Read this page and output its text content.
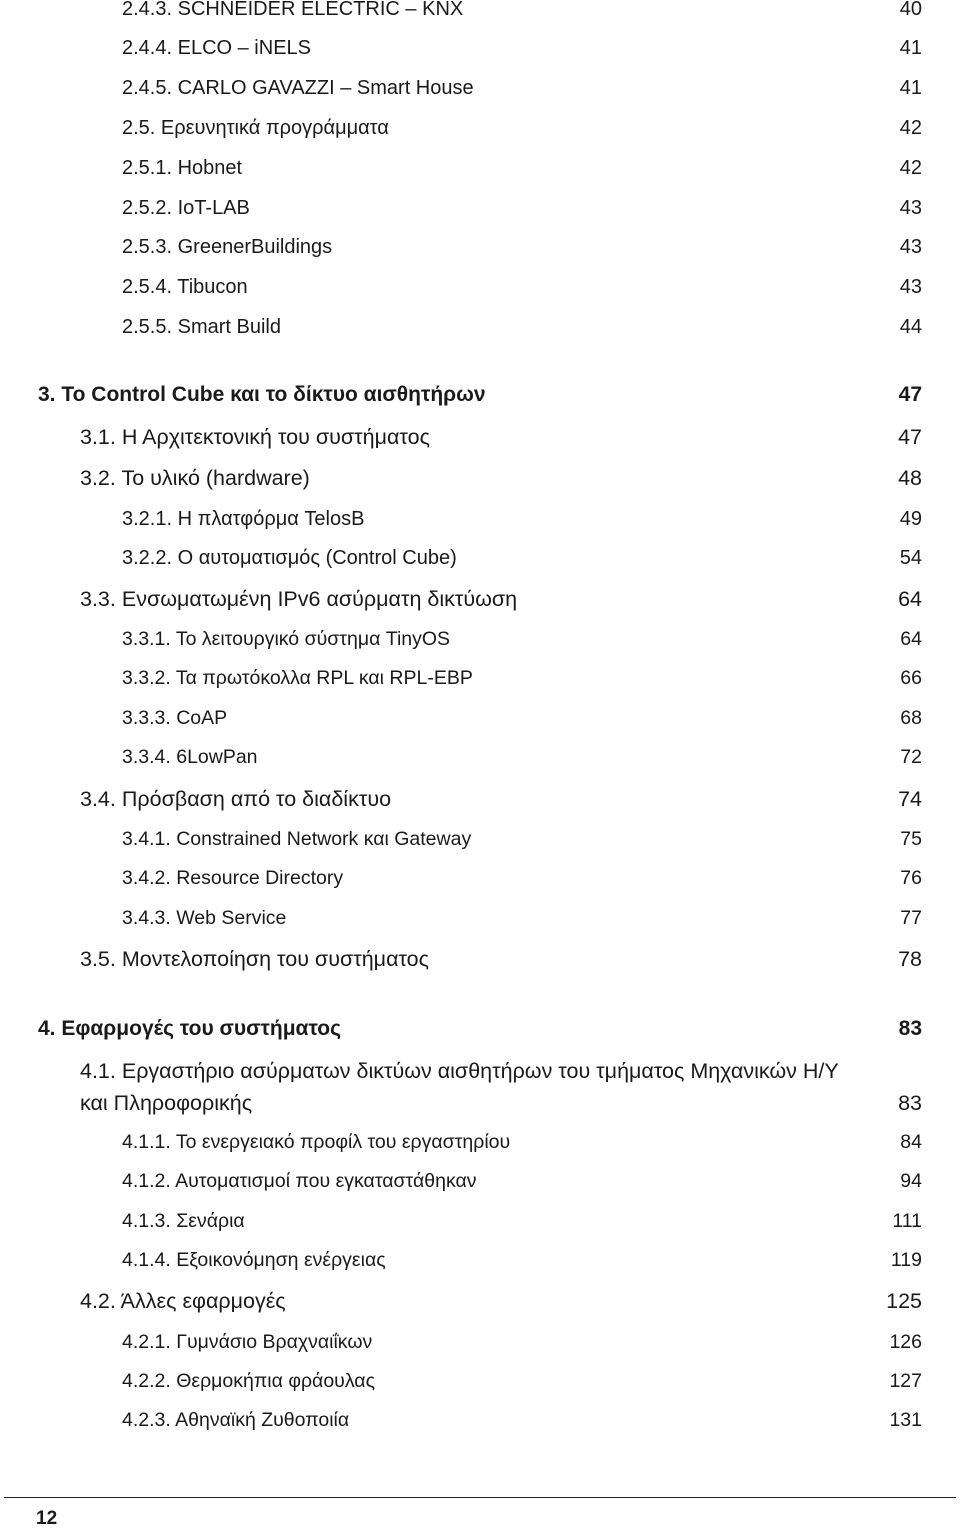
2.4.3. SCHNEIDER ELECTRIC – KNX	40
2.4.4. ELCO – iNELS	41
2.4.5. CARLO GAVAZZI – Smart House	41
2.5. Ερευνητικά προγράμματα	42
2.5.1. Hobnet	42
2.5.2. IoT-LAB	43
2.5.3. GreenerBuildings	43
2.5.4. Tibucon	43
2.5.5. Smart Build	44
3. Το Control Cube και το δίκτυο αισθητήρων	47
3.1. Η Αρχιτεκτονική του συστήματος	47
3.2. Το υλικό (hardware)	48
3.2.1. Η πλατφόρμα TelosB	49
3.2.2. Ο αυτοματισμός (Control Cube)	54
3.3. Ενσωματωμένη IPv6 ασύρματη δικτύωση	64
3.3.1. Το λειτουργικό σύστημα TinyOS	64
3.3.2. Τα πρωτόκολλα RPL και RPL-EBP	66
3.3.3. CoAP	68
3.3.4. 6LowPan	72
3.4. Πρόσβαση από το διαδίκτυο	74
3.4.1. Constrained Network και Gateway	75
3.4.2. Resource Directory	76
3.4.3. Web Service	77
3.5. Μοντελοποίηση του συστήματος	78
4. Εφαρμογές του συστήματος	83
4.1. Εργαστήριο ασύρματων δικτύων αισθητήρων του τμήματος Μηχανικών Η/Υ
και Πληροφορικής	83
4.1.1. Το ενεργειακό προφίλ του εργαστηρίου	84
4.1.2. Αυτοματισμοί που εγκαταστάθηκαν	94
4.1.3. Σενάρια	111
4.1.4. Εξοικονόμηση ενέργειας	119
4.2. Άλλες εφαρμογές	125
4.2.1. Γυμνάσιο Βραχναιΐκων	126
4.2.2. Θερμοκήπια φράουλας	127
4.2.3. Αθηναϊκή Ζυθοποιία	131
12
